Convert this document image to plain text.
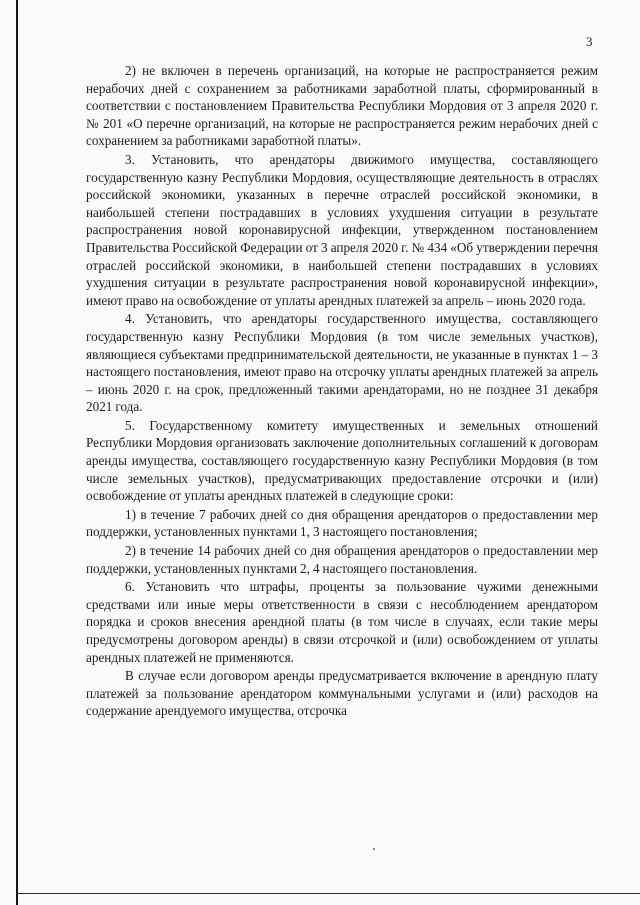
3

2) не включен в перечень организаций, на которые не распространяется режим нерабочих дней с сохранением за работниками заработной платы, сформированный в соответствии с постановлением Правительства Республики Мордовия от 3 апреля 2020 г. № 201 «О перечне организаций, на которые не распространяется режим нерабочих дней с сохранением за работниками заработной платы».

3. Установить, что арендаторы движимого имущества, составляющего государственную казну Республики Мордовия, осуществляющие деятельность в отраслях российской экономики, указанных в перечне отраслей российской экономики, в наибольшей степени пострадавших в условиях ухудшения ситуации в результате распространения новой коронавирусной инфекции, утвержденном постановлением Правительства Российской Федерации от 3 апреля 2020 г. № 434 «Об утверждении перечня отраслей российской экономики, в наибольшей степени пострадавших в условиях ухудшения ситуации в результате распространения новой коронавирусной инфекции», имеют право на освобождение от уплаты арендных платежей за апрель – июнь 2020 года.

4. Установить, что арендаторы государственного имущества, составляющего государственную казну Республики Мордовия (в том числе земельных участков), являющиеся субъектами предпринимательской деятельности, не указанные в пунктах 1 – 3 настоящего постановления, имеют право на отсрочку уплаты арендных платежей за апрель – июнь 2020 г. на срок, предложенный такими арендаторами, но не позднее 31 декабря 2021 года.

5. Государственному комитету имущественных и земельных отношений Республики Мордовия организовать заключение дополнительных соглашений к договорам аренды имущества, составляющего государственную казну Республики Мордовия (в том числе земельных участков), предусматривающих предоставление отсрочки и (или) освобождение от уплаты арендных платежей в следующие сроки:

1) в течение 7 рабочих дней со дня обращения арендаторов о предоставлении мер поддержки, установленных пунктами 1, 3 настоящего постановления;

2) в течение 14 рабочих дней со дня обращения арендаторов о предоставлении мер поддержки, установленных пунктами 2, 4 настоящего постановления.

6. Установить что штрафы, проценты за пользование чужими денежными средствами или иные меры ответственности в связи с несоблюдением арендатором порядка и сроков внесения арендной платы (в том числе в случаях, если такие меры предусмотрены договором аренды) в связи отсрочкой и (или) освобождением от уплаты арендных платежей не применяются.

В случае если договором аренды предусматривается включение в арендную плату платежей за пользование арендатором коммунальными услугами и (или) расходов на содержание арендуемого имущества, отсрочка
